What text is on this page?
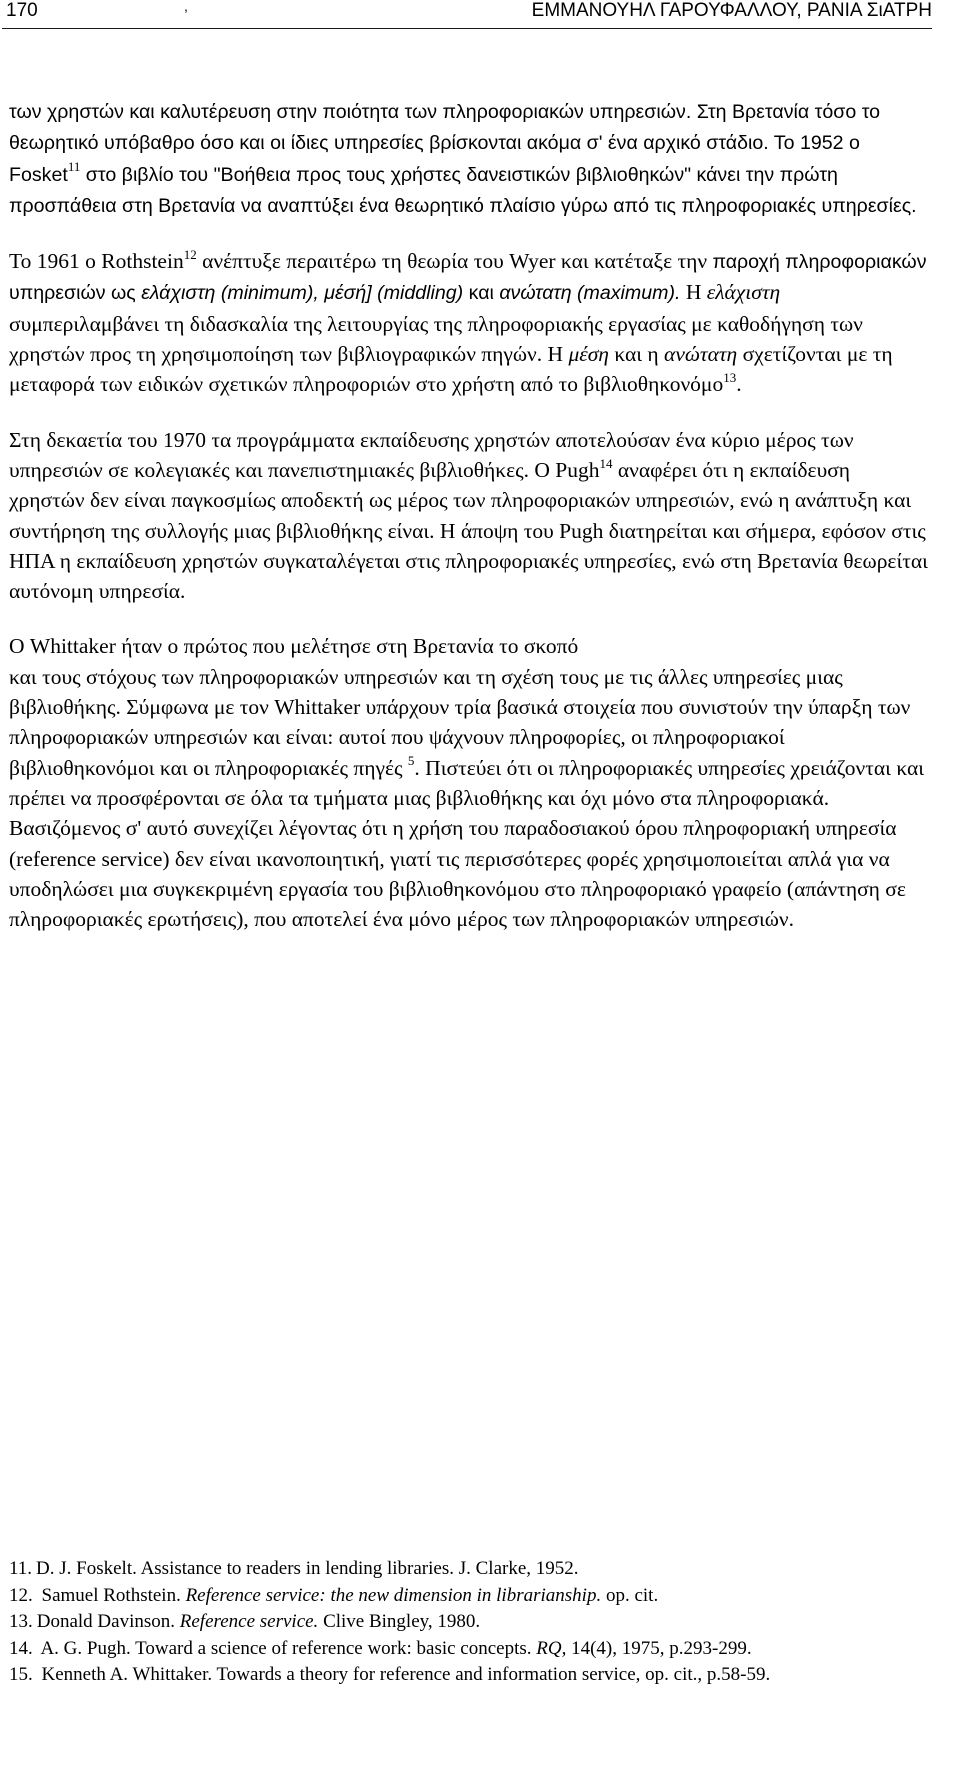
170	,	ΕΜΜΑΝΟΥΗΛ ΓΑΡΟΥΦΑΛΛΟΥ, ΡΑΝΙΑ ΣιΑΤΡΗ

των χρηστών και καλυτέρευση στην ποιότητα των πληροφοριακών υπηρεσιών. Στη Βρετανία τόσο το θεωρητικό υπόβαθρο όσο και οι ίδιες υπηρεσίες βρίσκονται ακόμα σ' ένα αρχικό στάδιο. Το 1952 ο Fosket$^{11}$ στο βιβλίο του "Βοήθεια προς τους χρήστες δανειστικών βιβλιοθηκών" κάνει την πρώτη προσπάθεια στη Βρετανία να αναπτύξει ένα θεωρητικό πλαίσιο γύρω από τις πληροφοριακές υπηρεσίες.

Το 1961 ο Rothstein$^{12}$ ανέπτυξε περαιτέρω τη θεωρία του Wyer και κατέταξε την παροχή πληροφοριακών υπηρεσιών ως ελάχιστη (minimum), μέσή] (middling) και ανώτατη (maximum). Η ελάχιστη συμπεριλαμβάνει τη διδασκαλία της λειτουργίας της πληροφοριακής εργασίας με καθοδήγηση των χρηστών προς τη χρησιμοποίηση των βιβλιογραφικών πηγών. Η μέση και η ανώτατη σχετίζονται με τη μεταφορά των ειδικών σχετικών πληροφοριών στο χρήστη από το βιβλιοθηκονόμο$^{13}$.

Στη δεκαετία του 1970 τα προγράμματα εκπαίδευσης χρηστών αποτελούσαν ένα κύριο μέρος των υπηρεσιών σε κολεγιακές και πανεπιστημιακές βιβλιοθήκες. Ο Pugh$^{14}$ αναφέρει ότι η εκπαίδευση χρηστών δεν είναι παγκοσμίως αποδεκτή ως μέρος των πληροφοριακών υπηρεσιών, ενώ η ανάπτυξη και συντήρηση της συλλογής μιας βιβλιοθήκης είναι. Η άποψη του Pugh διατηρείται και σήμερα, εφόσον στις ΗΠΑ η εκπαίδευση χρηστών συγκαταλέγεται στις πληροφοριακές υπηρεσίες, ενώ στη Βρετανία θεωρείται αυτόνομη υπηρεσία.

Ο Whittaker ήταν ο πρώτος που μελέτησε στη Βρετανία το σκοπό
και τους στόχους των πληροφοριακών υπηρεσιών και τη σχέση τους με τις άλλες υπηρεσίες μιας βιβλιοθήκης. Σύμφωνα με τον Whittaker υπάρχουν τρία βασικά στοιχεία που συνιστούν την ύπαρξη των πληροφοριακών υπηρεσιών και είναι: αυτοί που ψάχνουν πληροφορίες, οι πληροφοριακοί βιβλιοθηκονόμοι και οι πληροφοριακές πηγές $^5$. Πιστεύει ότι οι πληροφοριακές υπηρεσίες χρειάζονται και πρέπει να προσφέρονται σε όλα τα τμήματα μιας βιβλιοθήκης και όχι μόνο στα πληροφοριακά. Βασιζόμενος σ' αυτό συνεχίζει λέγοντας ότι η χρήση του παραδοσιακού όρου πληροφοριακή υπηρεσία (reference service) δεν είναι ικανοποιητική, γιατί τις περισσότερες φορές χρησιμοποιείται απλά για να υποδηλώσει μια συγκεκριμένη εργασία του βιβλιοθηκονόμου στο πληροφοριακό γραφείο (απάντηση σε πληροφοριακές ερωτήσεις), που αποτελεί ένα μόνο μέρος των πληροφοριακών υπηρεσιών.

11. D. J. Foskelt. Assistance to readers in lending libraries. J. Clarke, 1952.

12. Samuel Rothstein. Reference service: the new dimension in librarianship. op. cit.

13. Donald Davinson. Reference service. Clive Bingley, 1980.

14. A. G. Pugh. Toward a science of reference work: basic concepts. RQ, 14(4), 1975, p.293-299.

15. Kenneth A. Whittaker. Towards a theory for reference and information service, op. cit., p.58-59.
